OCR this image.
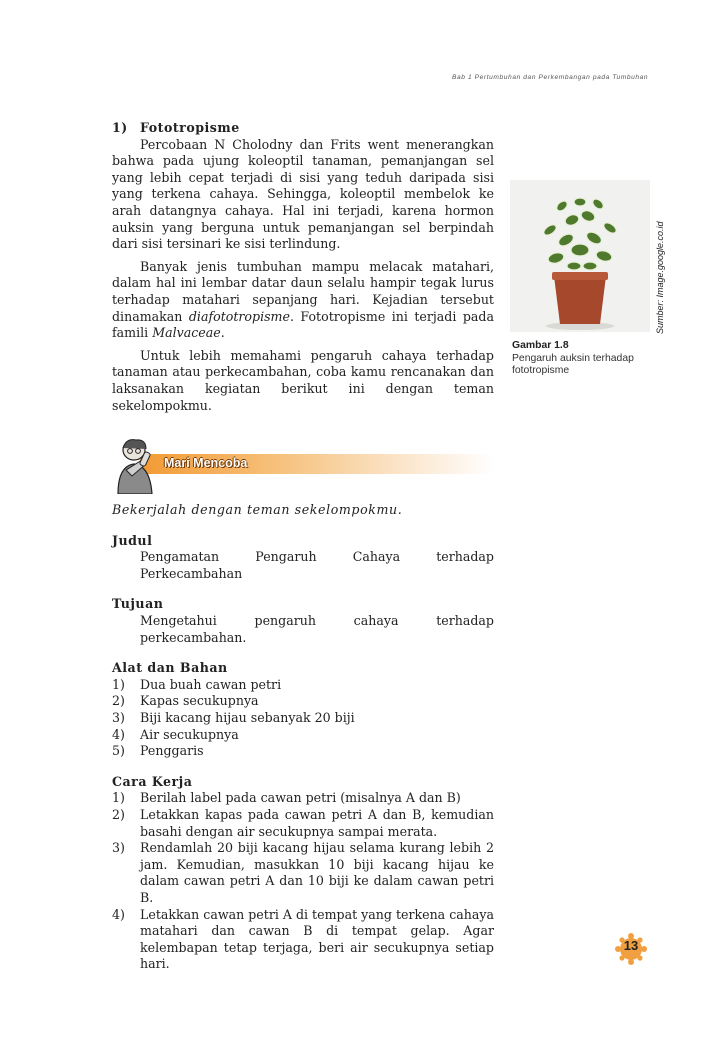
Bab 1 Pertumbuhan dan Perkembangan pada Tumbuhan
1) Fototropisme

Percobaan N Cholodny dan Frits went menerangkan bahwa pada ujung koleoptil tanaman, pemanjangan sel yang lebih cepat terjadi di sisi yang teduh daripada sisi yang terkena cahaya. Sehingga, koleoptil membelok ke arah datangnya cahaya. Hal ini terjadi, karena hormon auksin yang berguna untuk pemanjangan sel berpindah dari sisi tersinari ke sisi terlindung.

Banyak jenis tumbuhan mampu melacak matahari, dalam hal ini lembar datar daun selalu hampir tegak lurus terhadap matahari sepanjang hari. Kejadian tersebut dinamakan diafototropisme. Fototropisme ini terjadi pada famili Malvaceae.

Untuk lebih memahami pengaruh cahaya terhadap tanaman atau perkecambahan, coba kamu rencanakan dan laksanakan kegiatan berikut ini dengan teman sekelompokmu.

Mari Mencoba

Bekerjalah dengan teman sekelompokmu.

Judul

Pengamatan Pengaruh Cahaya terhadap Perkecambahan

Tujuan

Mengetahui pengaruh cahaya terhadap perkecambahan.

Alat dan Bahan
1)	Dua buah cawan petri
2)	Kapas secukupnya
3)	Biji kacang hijau sebanyak 20 biji
4)	Air secukupnya
5)	Penggaris
Cara Kerja
1)	Berilah label pada cawan petri (misalnya A dan B)
2)	Letakkan kapas pada cawan petri A dan B, kemudian basahi dengan air secukupnya sampai merata.
3)	Rendamlah 20 biji kacang hijau selama kurang lebih 2 jam. Kemudian, masukkan 10 biji kacang hijau ke dalam cawan petri A dan 10 biji ke dalam cawan petri B.
4)	Letakkan cawan petri A di tempat yang terkena cahaya matahari dan cawan B di tempat gelap. Agar kelembapan tetap terjaga, beri air secukupnya setiap hari.
Sumber: Image.google.co.id
Gambar 1.8
Pengaruh auksin terhadap fototropisme
13
